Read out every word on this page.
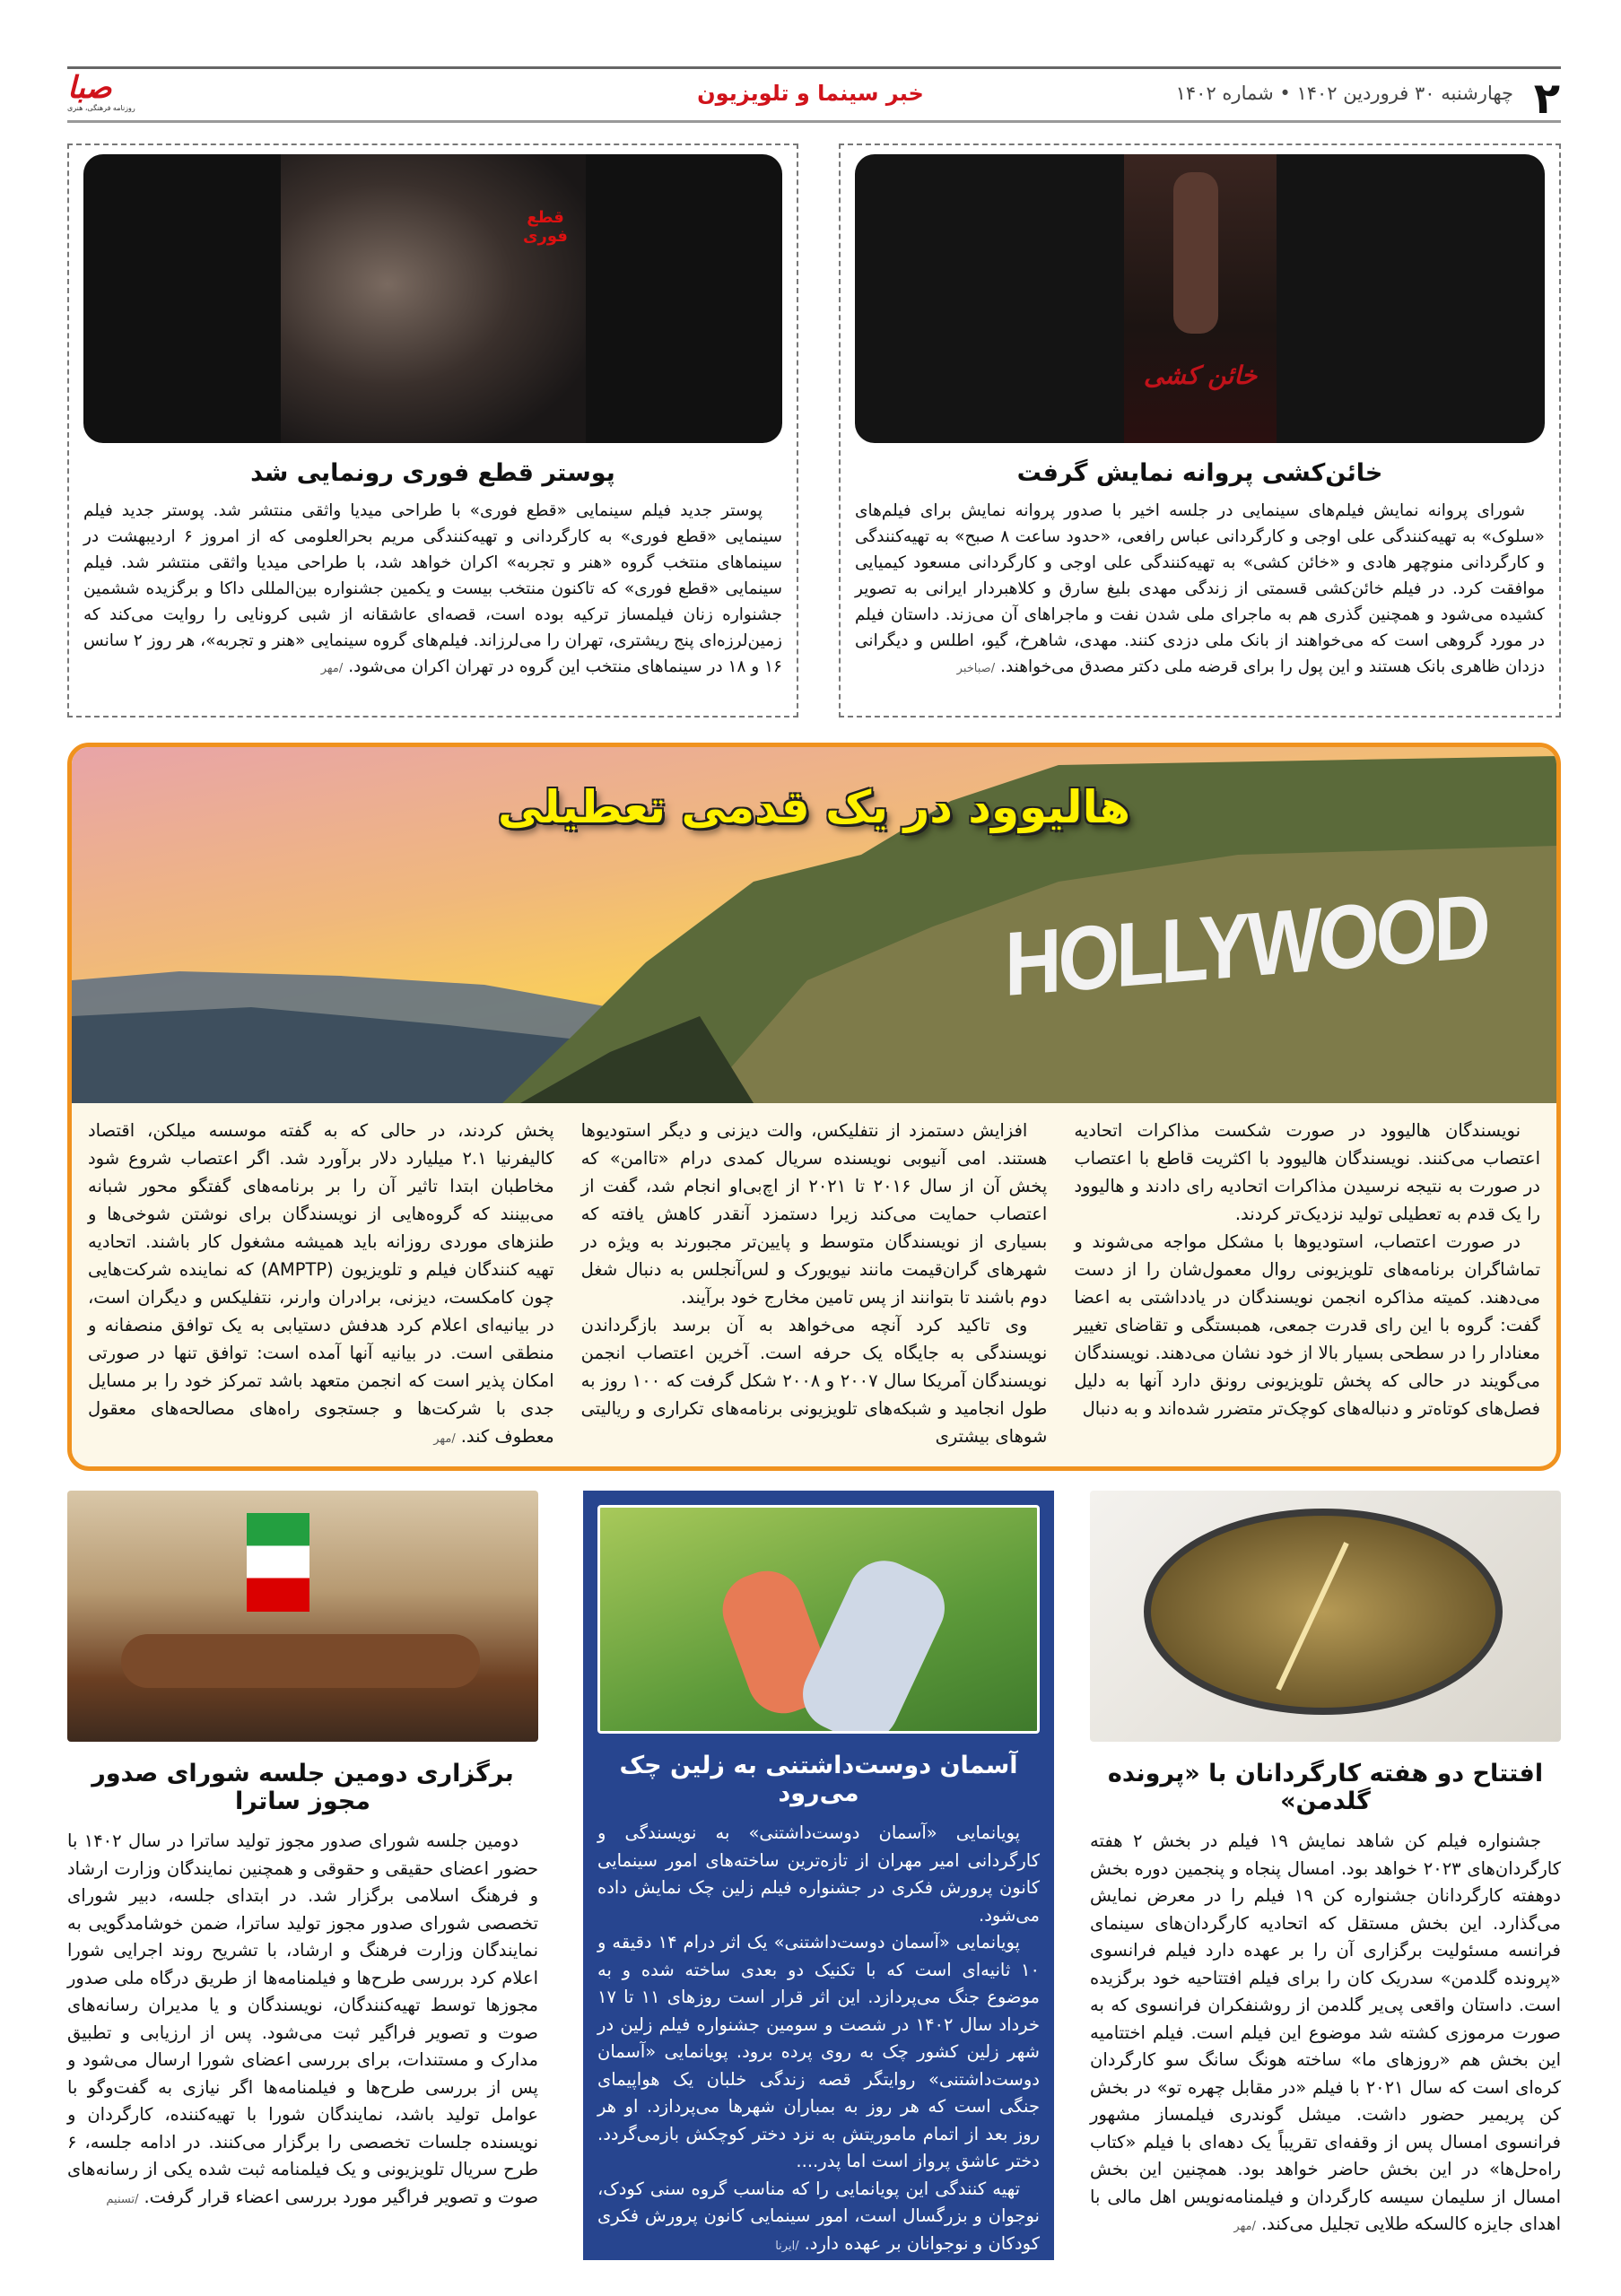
۲
چهارشنبه ۳۰ فروردین ۱۴۰۲ • شماره ۱۴۰۲
خبر سینما و تلویزیون
صبا
روزنامه فرهنگی، هنری
خائن کشی
خائن‌کشی پروانه نمایش گرفت

شورای پروانه نمایش فیلم‌های سینمایی در جلسه اخیر با صدور پروانه نمایش برای فیلم‌های «سلوک» به تهیه‌کنندگی علی اوجی و کارگردانی عباس رافعی، «حدود ساعت ۸ صبح» به تهیه‌کنندگی و کارگردانی منوچهر هادی و «خائن کشی» به تهیه‌کنندگی علی اوجی و کارگردانی مسعود کیمیایی موافقت کرد. در فیلم خائن‌کشی قسمتی از زندگی مهدی بلیغ سارق و کلاهبردار ایرانی به تصویر کشیده می‌شود و همچنین گذری هم به ماجرای ملی شدن نفت و ماجراهای آن می‌زند. داستان فیلم در مورد گروهی است که می‌خواهند از بانک ملی دزدی کنند. مهدی، شاهرخ، گیو، اطلس و دیگرانی دزدان ظاهری بانک هستند و این پول را برای قرضه ملی دکتر مصدق می‌خواهند./صباخبر

قطع فوری
پوستر قطع فوری رونمایی شد

پوستر جدید فیلم سینمایی «قطع فوری» با طراحی میدیا واثقی منتشر شد. پوستر جدید فیلم سینمایی «قطع فوری» به کارگردانی و تهیه‌کنندگی مریم بحرالعلومی که از امروز ۶ اردیبهشت در سینماهای منتخب گروه «هنر و تجربه» اکران خواهد شد، با طراحی میدیا واثقی منتشر شد. فیلم سینمایی «قطع فوری» که تاکنون منتخب بیست و یکمین جشنواره بین‌المللی داکا و برگزیده ششمین جشنواره زنان فیلمساز ترکیه بوده است، قصه‌ای عاشقانه از شبی کرونایی را روایت می‌کند که زمین‌لرزه‌ای پنج ریشتری، تهران را می‌لرزاند. فیلم‌های گروه سینمایی «هنر و تجربه»، هر روز ۲ سانس ۱۶ و ۱۸ در سینماهای منتخب این گروه در تهران اکران می‌شود./مهر

HOLLYWOOD
هالیوود در یک قدمی تعطیلی

نویسندگان هالیوود در صورت شکست مذاکرات اتحادیه اعتصاب می‌کنند. نویسندگان هالیوود با اکثریت قاطع با اعتصاب در صورت به نتیجه نرسیدن مذاکرات اتحادیه رای دادند و هالیوود را یک قدم به تعطیلی تولید نزدیک‌تر کردند.

در صورت اعتصاب، استودیوها با مشکل مواجه می‌شوند و تماشاگران برنامه‌های تلویزیونی روال معمول‌شان را از دست می‌دهند. کمیته مذاکره انجمن نویسندگان در یادداشتی به اعضا گفت: گروه با این رای قدرت جمعی، همبستگی و تقاضای تغییر معنادار را در سطحی بسیار بالا از خود نشان می‌دهند. نویسندگان می‌گویند در حالی که پخش تلویزیونی رونق دارد آنها به دلیل فصل‌های کوتاه‌تر و دنباله‌های کوچک‌تر متضرر شده‌اند و به دنبال

افزایش دستمزد از نتفلیکس، والت دیزنی و دیگر استودیوها هستند. امی آنیوبی نویسنده سریال کمدی درام «تاامن» که پخش آن از سال ۲۰۱۶ تا ۲۰۲۱ از اچ‌بی‌او انجام شد، گفت از اعتصاب حمایت می‌کند زیرا دستمزد آنقدر کاهش یافته که بسیاری از نویسندگان متوسط و پایین‌تر مجبورند به ویژه در شهرهای گران‌قیمت مانند نیویورک و لس‌آنجلس به دنبال شغل دوم باشند تا بتوانند از پس تامین مخارج خود برآیند.

وی تاکید کرد آنچه می‌خواهد به آن برسد بازگرداندن نویسندگی به جایگاه یک حرفه است. آخرین اعتصاب انجمن نویسندگان آمریکا سال ۲۰۰۷ و ۲۰۰۸ شکل گرفت که ۱۰۰ روز به طول انجامید و شبکه‌های تلویزیونی برنامه‌های تکراری و ریالیتی شوهای بیشتری

پخش کردند، در حالی که به گفته موسسه میلکن، اقتصاد کالیفرنیا ۲.۱ میلیارد دلار برآورد شد. اگر اعتصاب شروع شود مخاطبان ابتدا تاثیر آن را بر برنامه‌های گفتگو محور شبانه می‌بینند که گروه‌هایی از نویسندگان برای نوشتن شوخی‌ها و طنزهای موردی روزانه باید همیشه مشغول کار باشند. اتحادیه تهیه کنندگان فیلم و تلویزیون (AMPTP) که نماینده شرکت‌هایی چون کامکست، دیزنی، برادران وارنر، نتفلیکس و دیگران است، در بیانیه‌ای اعلام کرد هدفش دستیابی به یک توافق منصفانه و منطقی است. در بیانیه آنها آمده است: توافق تنها در صورتی امکان پذیر است که انجمن متعهد باشد تمرکز خود را بر مسایل جدی با شرکت‌ها و جستجوی راه‌های مصالحه‌های معقول معطوف کند./مهر

افتتاح دو هفته کارگردانان با «پرونده گلدمن»

جشنواره فیلم کن شاهد نمایش ۱۹ فیلم در بخش ۲ هفته کارگردان‌های ۲۰۲۳ خواهد بود. امسال پنجاه و پنجمین دوره بخش دوهفته کارگردانان جشنواره کن ۱۹ فیلم را در معرض نمایش می‌گذارد. این بخش مستقل که اتحادیه کارگردان‌های سینمای فرانسه مسئولیت برگزاری آن را بر عهده دارد فیلم فرانسوی «پرونده گلدمن» سدریک کان را برای فیلم افتتاحیه خود برگزیده است. داستان واقعی پی‌یر گلدمن از روشنفکران فرانسوی که به صورت مرموزی کشته شد موضوع این فیلم است. فیلم اختتامیه این بخش هم «روزهای ما» ساخته هونگ سانگ سو کارگردان کره‌ای است که سال ۲۰۲۱ با فیلم «در مقابل چهره تو» در بخش کن پریمیر حضور داشت. میشل گوندری فیلمساز مشهور فرانسوی امسال پس از وقفه‌ای تقریباً یک دهه‌ای با فیلم «کتاب راه‌حل‌ها» در این بخش حاضر خواهد بود. همچنین این بخش امسال از سلیمان سیسه کارگردان و فیلمنامه‌نویس اهل مالی با اهدای جایزه کالسکه طلایی تجلیل می‌کند./مهر

آسمان دوست‌داشتنی به زلین چک می‌رود

پویانمایی «آسمان دوست‌داشتنی» به نویسندگی و کارگردانی امیر مهران از تازه‌ترین ساخته‌های امور سینمایی کانون پرورش فکری در جشنواره فیلم زلین چک نمایش داده می‌شود.

پویانمایی «آسمان دوست‌داشتنی» یک اثر درام ۱۴ دقیقه و ۱۰ ثانیه‌ای است که با تکنیک دو بعدی ساخته شده و به موضوع جنگ می‌پردازد. این اثر قرار است روزهای ۱۱ تا ۱۷ خرداد سال ۱۴۰۲ در شصت و سومین جشنواره فیلم زلین در شهر زلین کشور چک به روی پرده برود. پویانمایی «آسمان دوست‌داشتنی» روایتگر قصه زندگی خلبان یک هواپیمای جنگی است که هر روز به بمباران شهرها می‌پردازد. او هر روز بعد از اتمام ماموریتش به نزد دختر کوچکش بازمی‌گردد. دختر عاشق پرواز است اما پدر....

تهیه کنندگی این پویانمایی را که مناسب گروه سنی کودک، نوجوان و بزرگسال است، امور سینمایی کانون پرورش فکری کودکان و نوجوانان بر عهده دارد./ایرنا

برگزاری دومین جلسه شورای صدور مجوز ساترا

دومین جلسه شورای صدور مجوز تولید ساترا در سال ۱۴۰۲ با حضور اعضای حقیقی و حقوقی و همچنین نمایندگان وزارت ارشاد و فرهنگ اسلامی برگزار شد. در ابتدای جلسه، دبیر شورای تخصصی شورای صدور مجوز تولید ساترا، ضمن خوشامدگویی به نمایندگان وزارت فرهنگ و ارشاد، با تشریح روند اجرایی شورا اعلام کرد بررسی طرح‌ها و فیلمنامه‌ها از طریق درگاه ملی صدور مجوزها توسط تهیه‌کنندگان، نویسندگان و یا مدیران رسانه‌های صوت و تصویر فراگیر ثبت می‌شود. پس از ارزیابی و تطبیق مدارک و مستندات، برای بررسی اعضای شورا ارسال می‌شود و پس از بررسی طرح‌ها و فیلمنامه‌ها اگر نیازی به گفت‌وگو با عوامل تولید باشد، نمایندگان شورا با تهیه‌کننده، کارگردان و نویسنده جلسات تخصصی را برگزار می‌کنند. در ادامه جلسه، ۶ طرح سریال تلویزیونی و یک فیلمنامه ثبت شده یکی از رسانه‌های صوت و تصویر فراگیر مورد بررسی اعضاء قرار گرفت./تسنیم
